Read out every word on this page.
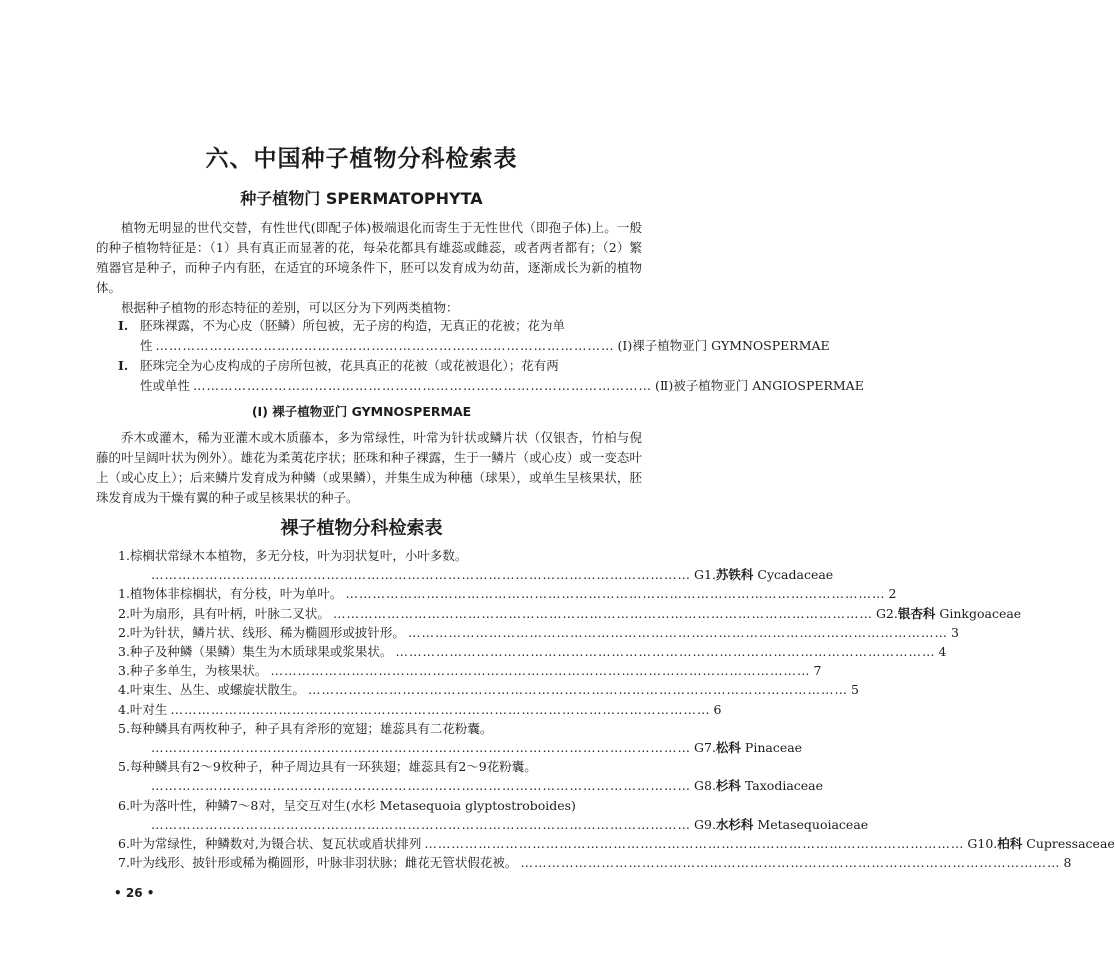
六、中国种子植物分科检索表
种子植物门 SPERMATOPHYTA

植物无明显的世代交替，有性世代(即配子体)极端退化而寄生于无性世代（即孢子体)上。一般的种子植物特征是：（1）具有真正而显著的花，每朵花都具有雄蕊或雌蕊，或者两者都有；（2）繁殖器官是种子，而种子内有胚，在适宜的环境条件下，胚可以发育成为幼苗，逐渐成长为新的植物体。

根据种子植物的形态特征的差别，可以区分为下列两类植物：

Ⅰ. 胚珠裸露，不为心皮（胚鳞）所包被，无子房的构造，无真正的花被；花为单
性 ………………………………………………………………………………………… (Ⅰ)裸子植物亚门 GYMNOSPERMAE
Ⅰ. 胚珠完全为心皮构成的子房所包被，花具真正的花被（或花被退化）；花有两
性或单性 ………………………………………………………………………………………… (Ⅱ)被子植物亚门 ANGIOSPERMAE
(Ⅰ) 裸子植物亚门 GYMNOSPERMAE

乔木或灌木，稀为亚灌木或木质藤本，多为常绿性，叶常为针状或鳞片状（仅银杏，竹柏与倪藤的叶呈阔叶状为例外）。雄花为柔荑花序状；胚珠和种子裸露，生于一鳞片（或心皮）或一变态叶上（或心皮上）；后来鳞片发育成为种鳞（或果鳞），并集生成为种穗（球果），或单生呈核果状，胚珠发育成为干燥有翼的种子或呈核果状的种子。

裸子植物分科检索表
1.棕榈状常绿木本植物，多无分枝，叶为羽状复叶，小叶多数。
………………………………………………………………………………………………………… G1.苏铁科 Cycadaceae
1.植物体非棕榈状，有分枝，叶为单叶。 ………………………………………………………………………………………………………… 2
2.叶为扇形，具有叶柄，叶脉二叉状。 ………………………………………………………………………………………………………… G2.银杏科 Ginkgoaceae
2.叶为针状，鳞片状、线形、稀为椭圆形或披针形。 ………………………………………………………………………………………………………… 3
3.种子及种鳞（果鳞）集生为木质球果或浆果状。 ………………………………………………………………………………………………………… 4
3.种子多单生，为核果状。 ………………………………………………………………………………………………………… 7
4.叶束生、丛生、或螺旋状散生。 ………………………………………………………………………………………………………… 5
4.叶对生 ………………………………………………………………………………………………………… 6
5.每种鳞具有两枚种子，种子具有斧形的宽翅；雄蕊具有二花粉囊。
………………………………………………………………………………………………………… G7.松科 Pinaceae
5.每种鳞具有2～9枚种子，种子周边具有一环狭翅；雄蕊具有2～9花粉囊。
………………………………………………………………………………………………………… G8.杉科 Taxodiaceae
6.叶为落叶性，种鳞7～8对，呈交互对生(水杉 Metasequoia glyptostroboides)
………………………………………………………………………………………………………… G9.水杉科 Metasequoiaceae
6.叶为常绿性，种鳞数对,为镊合状、复瓦状或盾状排列 ………………………………………………………………………………………………………… G10.柏科 Cupressaceae
7.叶为线形、披针形或稀为椭圆形，叶脉非羽状脉；雌花无管状假花被。 ………………………………………………………………………………………………………… 8
• 26 •
